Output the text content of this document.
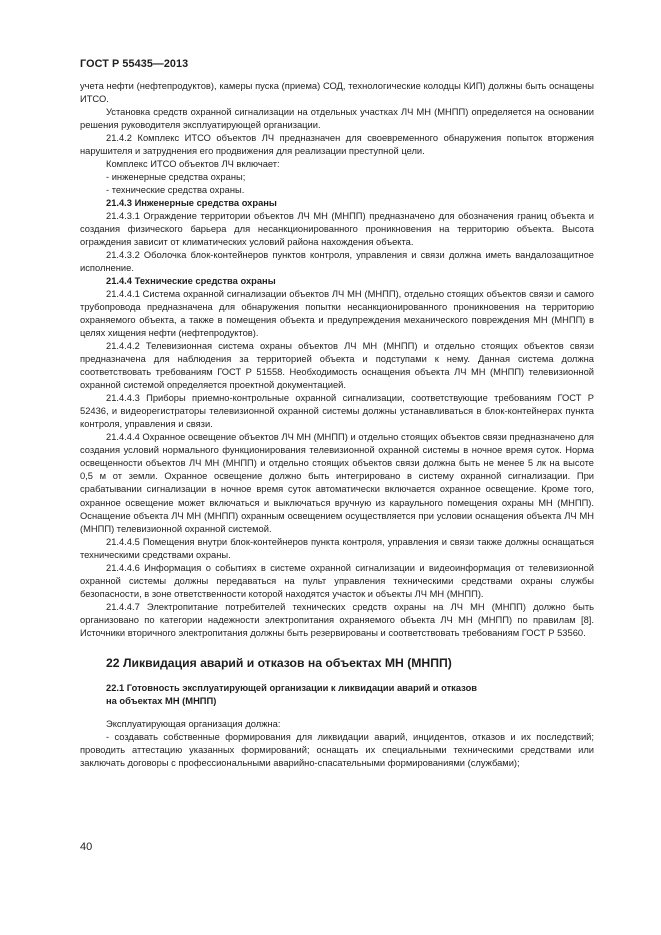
ГОСТ Р 55435—2013

учета нефти (нефтепродуктов), камеры пуска (приема) СОД, технологические колодцы КИП) должны быть оснащены ИТСО.

Установка средств охранной сигнализации на отдельных участках ЛЧ МН (МНПП) определяется на основании решения руководителя эксплуатирующей организации.

21.4.2 Комплекс ИТСО объектов ЛЧ предназначен для своевременного обнаружения попыток вторжения нарушителя и затруднения его продвижения для реализации преступной цели.

Комплекс ИТСО объектов ЛЧ включает:

- инженерные средства охраны;

- технические средства охраны.

21.4.3 Инженерные средства охраны

21.4.3.1 Ограждение территории объектов ЛЧ МН (МНПП) предназначено для обозначения границ объекта и создания физического барьера для несанкционированного проникновения на территорию объекта. Высота ограждения зависит от климатических условий района нахождения объекта.

21.4.3.2 Оболочка блок-контейнеров пунктов контроля, управления и связи должна иметь вандалозащитное исполнение.

21.4.4 Технические средства охраны

21.4.4.1 Система охранной сигнализации объектов ЛЧ МН (МНПП), отдельно стоящих объектов связи и самого трубопровода предназначена для обнаружения попытки несанкционированного проникновения на территорию охраняемого объекта, а также в помещения объекта и предупреждения механического повреждения МН (МНПП) в целях хищения нефти (нефтепродуктов).

21.4.4.2 Телевизионная система охраны объектов ЛЧ МН (МНПП) и отдельно стоящих объектов связи предназначена для наблюдения за территорией объекта и подступами к нему. Данная система должна соответствовать требованиям ГОСТ Р 51558. Необходимость оснащения объекта ЛЧ МН (МНПП) телевизионной охранной системой определяется проектной документацией.

21.4.4.3 Приборы приемно-контрольные охранной сигнализации, соответствующие требованиям ГОСТ Р 52436, и видеорегистраторы телевизионной охранной системы должны устанавливаться в блок-контейнерах пункта контроля, управления и связи.

21.4.4.4 Охранное освещение объектов ЛЧ МН (МНПП) и отдельно стоящих объектов связи предназначено для создания условий нормального функционирования телевизионной охранной системы в ночное время суток. Норма освещенности объектов ЛЧ МН (МНПП) и отдельно стоящих объектов связи должна быть не менее 5 лк на высоте 0,5 м от земли. Охранное освещение должно быть интегрировано в систему охранной сигнализации. При срабатывании сигнализации в ночное время суток автоматически включается охранное освещение. Кроме того, охранное освещение может включаться и выключаться вручную из караульного помещения охраны МН (МНПП). Оснащение объекта ЛЧ МН (МНПП) охранным освещением осуществляется при условии оснащения объекта ЛЧ МН (МНПП) телевизионной охранной системой.

21.4.4.5 Помещения внутри блок-контейнеров пункта контроля, управления и связи также должны оснащаться техническими средствами охраны.

21.4.4.6 Информация о событиях в системе охранной сигнализации и видеоинформация от телевизионной охранной системы должны передаваться на пульт управления техническими средствами охраны службы безопасности, в зоне ответственности которой находятся участок и объекты ЛЧ МН (МНПП).

21.4.4.7 Электропитание потребителей технических средств охраны на ЛЧ МН (МНПП) должно быть организовано по категории надежности электропитания охраняемого объекта ЛЧ МН (МНПП) по правилам [8]. Источники вторичного электропитания должны быть резервированы и соответствовать требованиям ГОСТ Р 53560.

22 Ликвидация аварий и отказов на объектах МН (МНПП)

22.1 Готовность эксплуатирующей организации к ликвидации аварий и отказов

на объектах МН (МНПП)

Эксплуатирующая организация должна:

- создавать собственные формирования для ликвидации аварий, инцидентов, отказов и их последствий; проводить аттестацию указанных формирований; оснащать их специальными техническими средствами или заключать договоры с профессиональными аварийно-спасательными формированиями (службами);

40
